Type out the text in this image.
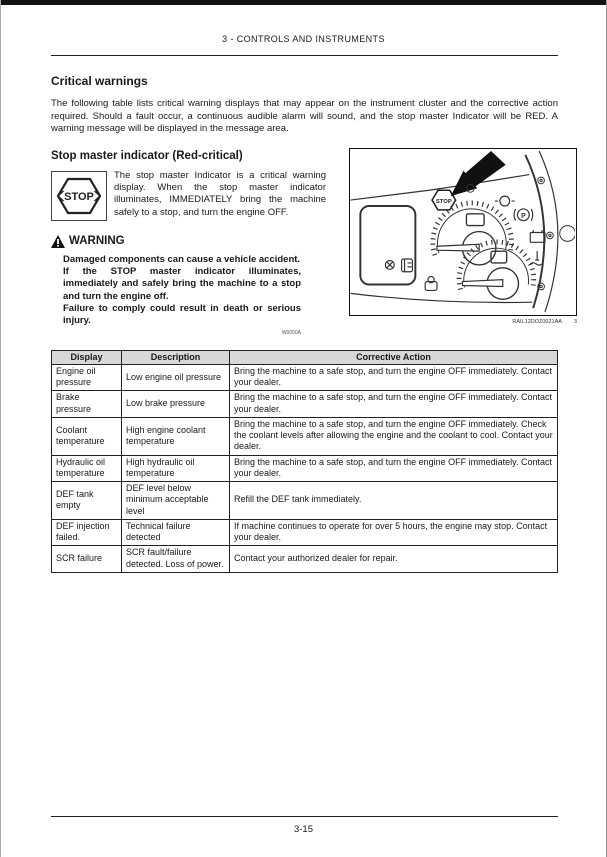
3 - CONTROLS AND INSTRUMENTS
Critical warnings

The following table lists critical warning displays that may appear on the instrument cluster and the corrective action required. Should a fault occur, a continuous audible alarm will sound, and the stop master Indicator will be RED. A warning message will be displayed in the message area.

Stop master indicator (Red-critical)
STOP
The stop master Indicator is a critical warning display. When the stop master indicator illuminates, IMMEDIATELY bring the machine safely to a stop, and turn the engine OFF.
WARNING

Damaged components can cause a vehicle accident.

If the STOP master indicator illuminates, immediately and safely bring the machine to a stop and turn the engine off.

Failure to comply could result in death or serious injury.

W0050A
STOP
P
RAIL12DOZ0021AA 3
Display	Description	Corrective Action
Engine oil pressure	Low engine oil pressure	Bring the machine to a safe stop, and turn the engine OFF immediately. Contact your dealer.
Brake pressure	Low brake pressure	Bring the machine to a safe stop, and turn the engine OFF immediately. Contact your dealer.
Coolant temperature	High engine coolant temperature	Bring the machine to a safe stop, and turn the engine OFF immediately. Check the coolant levels after allowing the engine and the coolant to cool. Contact your dealer.
Hydraulic oil temperature	High hydraulic oil temperature	Bring the machine to a safe stop, and turn the engine OFF immediately. Contact your dealer.
DEF tank empty	DEF level below minimum acceptable level	Refill the DEF tank immediately.
DEF injection failed.	Technical failure detected	If machine continues to operate for over 5 hours, the engine may stop. Contact your dealer.
SCR failure	SCR fault/failure detected. Loss of power.	Contact your authorized dealer for repair.
3-15
